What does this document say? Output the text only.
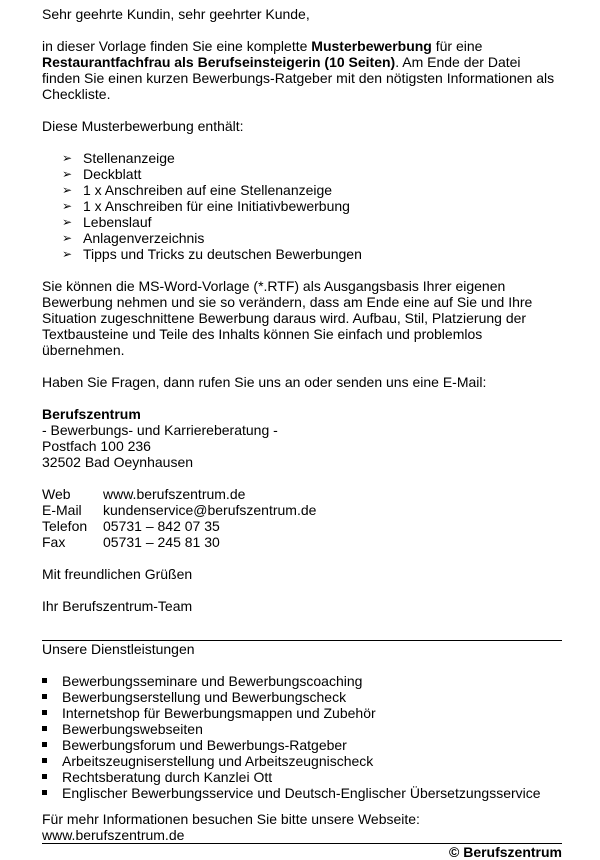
Sehr geehrte Kundin, sehr geehrter Kunde,

in dieser Vorlage finden Sie eine komplette Musterbewerbung für eine Restaurantfachfrau als Berufseinsteigerin (10 Seiten). Am Ende der Datei finden Sie einen kurzen Bewerbungs-Ratgeber mit den nötigsten Informationen als Checkliste.

Diese Musterbewerbung enthält:

➢ Stellenanzeige
➢ Deckblatt
➢ 1 x Anschreiben auf eine Stellenanzeige
➢ 1 x Anschreiben für eine Initiativbewerbung
➢ Lebenslauf
➢ Anlagenverzeichnis
➢ Tipps und Tricks zu deutschen Bewerbungen

Sie können die MS-Word-Vorlage (*.RTF) als Ausgangsbasis Ihrer eigenen Bewerbung nehmen und sie so verändern, dass am Ende eine auf Sie und Ihre Situation zugeschnittene Bewerbung daraus wird. Aufbau, Stil, Platzierung der Textbausteine und Teile des Inhalts können Sie einfach und problemlos übernehmen.

Haben Sie Fragen, dann rufen Sie uns an oder senden uns eine E-Mail:

Berufszentrum

- Bewerbungs- und Karriereberatung -

Postfach 100 236

32502 Bad Oeynhausen

Web	www.berufszentrum.de
E-Mail	kundenservice@berufszentrum.de
Telefon	05731 – 842 07 35
Fax	05731 – 245 81 30

Mit freundlichen Grüßen

Ihr Berufszentrum-Team

Unsere Dienstleistungen

Bewerbungsseminare und Bewerbungscoaching
Bewerbungserstellung und Bewerbungscheck
Internetshop für Bewerbungsmappen und Zubehör
Bewerbungswebseiten
Bewerbungsforum und Bewerbungs-Ratgeber
Arbeitszeugniserstellung und Arbeitszeugnischeck
Rechtsberatung durch Kanzlei Ott
Englischer Bewerbungsservice und Deutsch-Englischer Übersetzungsservice

Für mehr Informationen besuchen Sie bitte unsere Webseite: www.berufszentrum.de

© Berufszentrum
